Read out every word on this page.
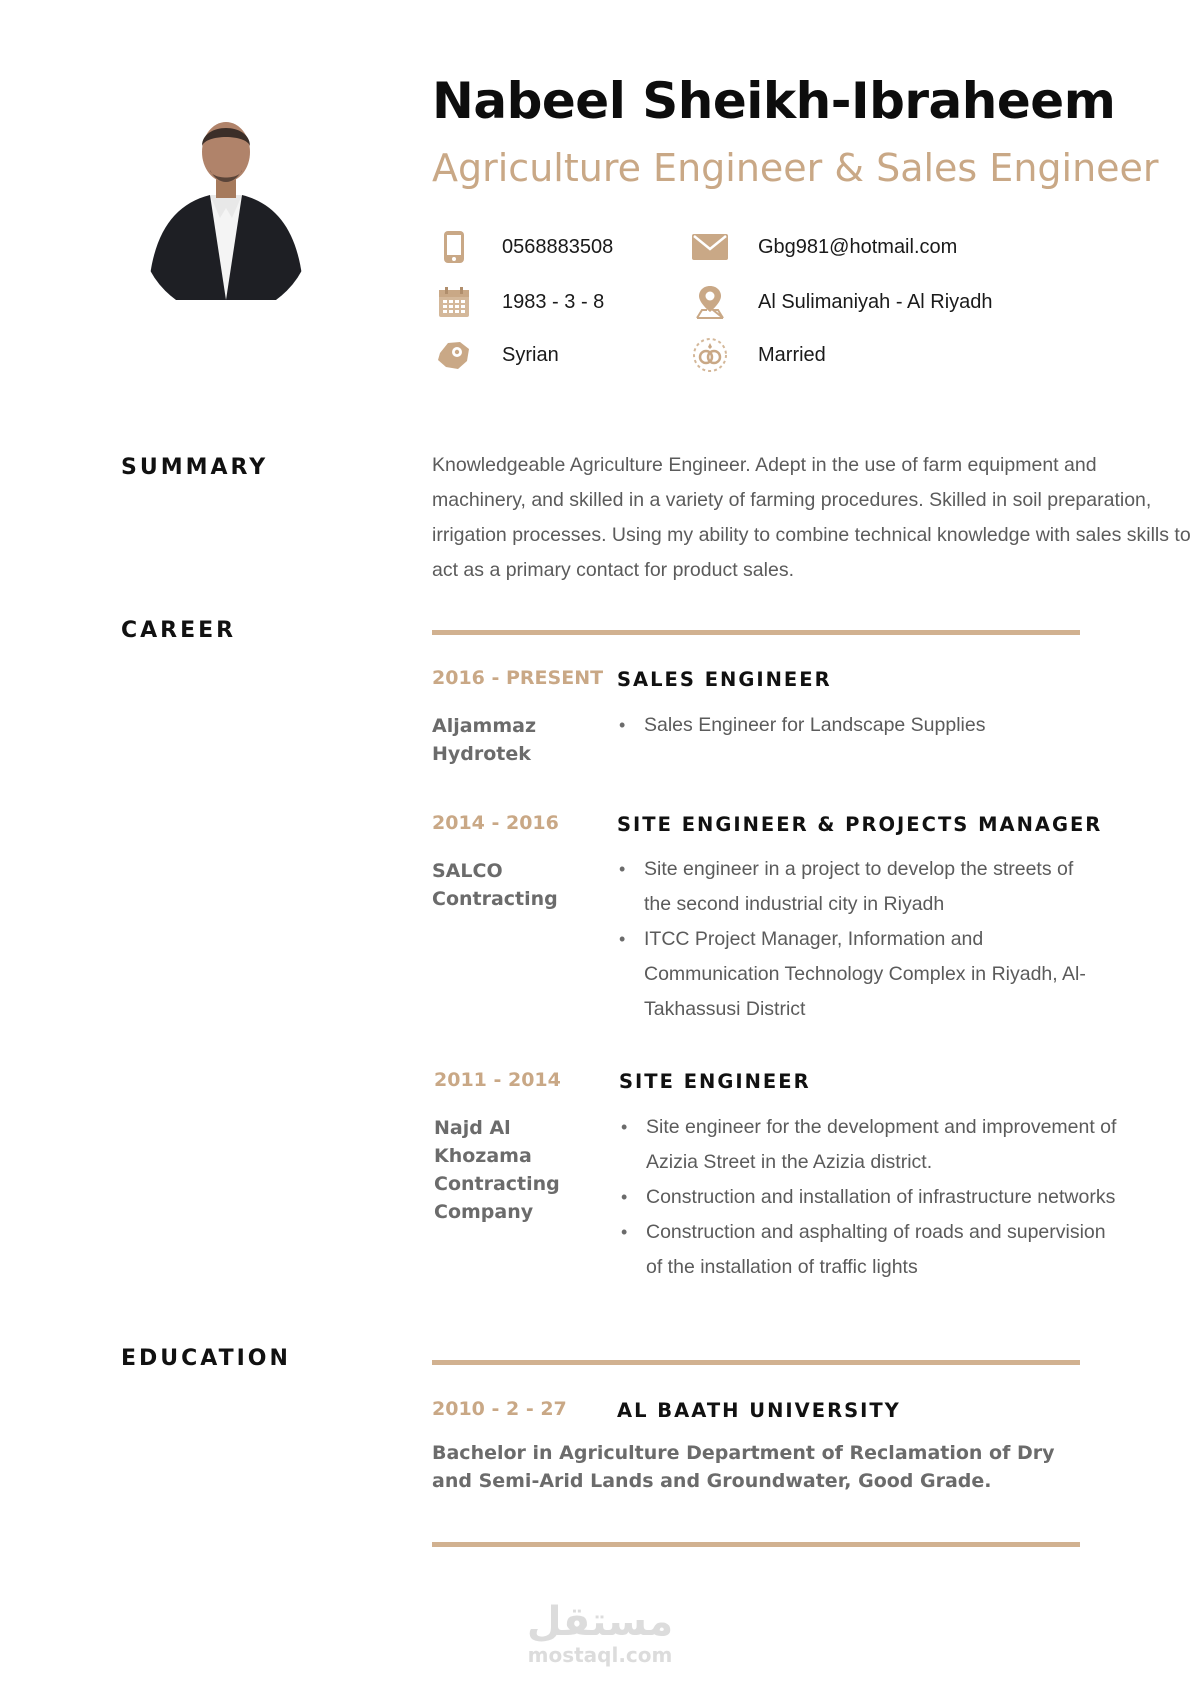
Nabeel Sheikh-Ibraheem
Agriculture Engineer & Sales Engineer
0568883508	Gbg981@hotmail.com
1983 - 3 - 8	Al Sulimaniyah - Al Riyadh
Syrian	Married
SUMMARY	Knowledgeable Agriculture Engineer. Adept in the use of farm equipment and machinery, and skilled in a variety of farming procedures. Skilled in soil preparation, irrigation processes. Using my ability to combine technical knowledge with sales skills to act as a primary contact for product sales.
CAREER
2016 - PRESENT SALES ENGINEER
Aljammaz Hydrotek
• Sales Engineer for Landscape Supplies
2014 - 2016	SITE ENGINEER & PROJECTS MANAGER
SALCO Contracting
• Site engineer in a project to develop the streets of the second industrial city in Riyadh
• ITCC Project Manager, Information and Communication Technology Complex in Riyadh, Al-Takhassusi District
2011 - 2014	SITE ENGINEER
Najd Al Khozama Contracting Company
• Site engineer for the development and improvement of Azizia Street in the Azizia district.
• Construction and installation of infrastructure networks
• Construction and asphalting of roads and supervision of the installation of traffic lights
EDUCATION
2010 - 2 - 27	AL BAATH UNIVERSITY
Bachelor in Agriculture Department of Reclamation of Dry and Semi-Arid Lands and Groundwater, Good Grade.
مستقل
mostaql.com
